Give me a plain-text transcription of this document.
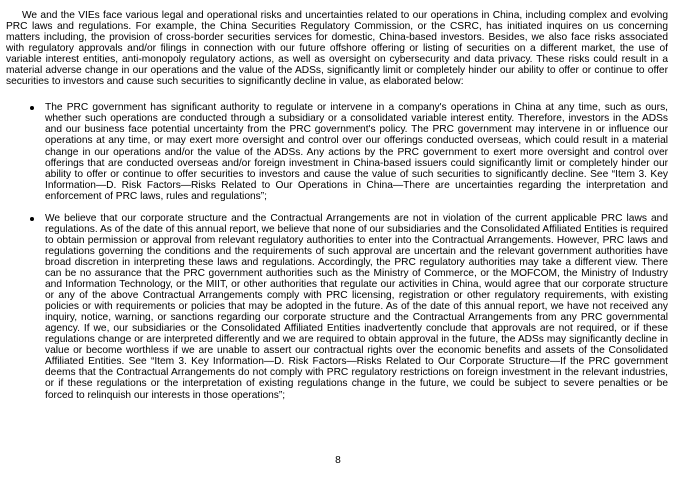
We and the VIEs face various legal and operational risks and uncertainties related to our operations in China, including complex and evolving PRC laws and regulations. For example, the China Securities Regulatory Commission, or the CSRC, has initiated inquires on us concerning matters including, the provision of cross-border securities services for domestic, China-based investors. Besides, we also face risks associated with regulatory approvals and/or filings in connection with our future offshore offering or listing of securities on a different market, the use of variable interest entities, anti-monopoly regulatory actions, as well as oversight on cybersecurity and data privacy. These risks could result in a material adverse change in our operations and the value of the ADSs, significantly limit or completely hinder our ability to offer or continue to offer securities to investors and cause such securities to significantly decline in value, as elaborated below:

The PRC government has significant authority to regulate or intervene in a company's operations in China at any time, such as ours, whether such operations are conducted through a subsidiary or a consolidated variable interest entity. Therefore, investors in the ADSs and our business face potential uncertainty from the PRC government's policy. The PRC government may intervene in or influence our operations at any time, or may exert more oversight and control over our offerings conducted overseas, which could result in a material change in our operations and/or the value of the ADSs. Any actions by the PRC government to exert more oversight and control over offerings that are conducted overseas and/or foreign investment in China-based issuers could significantly limit or completely hinder our ability to offer or continue to offer securities to investors and cause the value of such securities to significantly decline. See “Item 3. Key Information—D. Risk Factors—Risks Related to Our Operations in China—There are uncertainties regarding the interpretation and enforcement of PRC laws, rules and regulations”;
We believe that our corporate structure and the Contractual Arrangements are not in violation of the current applicable PRC laws and regulations. As of the date of this annual report, we believe that none of our subsidiaries and the Consolidated Affiliated Entities is required to obtain permission or approval from relevant regulatory authorities to enter into the Contractual Arrangements. However, PRC laws and regulations governing the conditions and the requirements of such approval are uncertain and the relevant government authorities have broad discretion in interpreting these laws and regulations. Accordingly, the PRC regulatory authorities may take a different view. There can be no assurance that the PRC government authorities such as the Ministry of Commerce, or the MOFCOM, the Ministry of Industry and Information Technology, or the MIIT, or other authorities that regulate our activities in China, would agree that our corporate structure or any of the above Contractual Arrangements comply with PRC licensing, registration or other regulatory requirements, with existing policies or with requirements or policies that may be adopted in the future. As of the date of this annual report, we have not received any inquiry, notice, warning, or sanctions regarding our corporate structure and the Contractual Arrangements from any PRC governmental agency. If we, our subsidiaries or the Consolidated Affiliated Entities inadvertently conclude that approvals are not required, or if these regulations change or are interpreted differently and we are required to obtain approval in the future, the ADSs may significantly decline in value or become worthless if we are unable to assert our contractual rights over the economic benefits and assets of the Consolidated Affiliated Entities. See “Item 3. Key Information—D. Risk Factors—Risks Related to Our Corporate Structure—If the PRC government deems that the Contractual Arrangements do not comply with PRC regulatory restrictions on foreign investment in the relevant industries, or if these regulations or the interpretation of existing regulations change in the future, we could be subject to severe penalties or be forced to relinquish our interests in those operations”;
8
